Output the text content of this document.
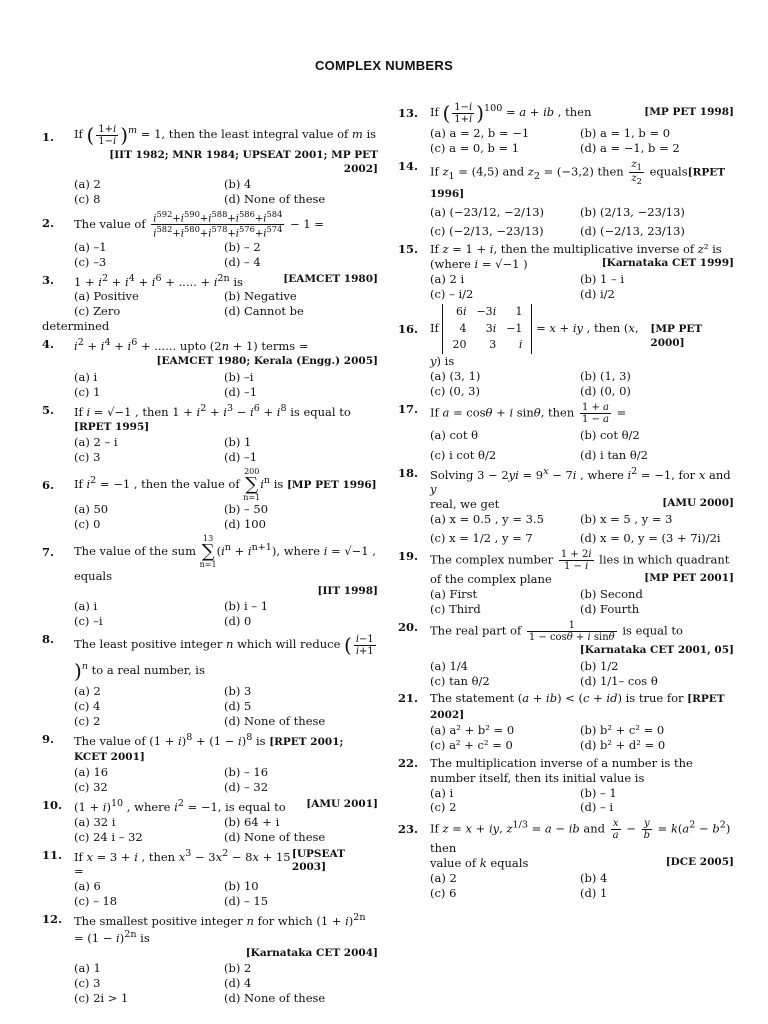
COMPLEX NUMBERS
1.	If ( $\frac{1+i}{1-i} )^m = 1$, then the least integral value of m is
[IIT 1982; MNR 1984; UPSEAT 2001; MP PET 2002]
(a) 2	(b) 4
(c) 8	(d) None of these
2.	The value of $\frac{i^{592}+i^{590}+i^{588}+i^{586}+i^{584}}{i^{582}+i^{580}+i^{578}+i^{576}+i^{574}} - 1$ =
(a) –1	(b) – 2
(c) –3	(d) – 4
3.	$1 + i^2 + i^4 + i^6$ + ..... + $i^{2n}$ is	[EAMCET 1980]
(a) Positive	(b) Negative
(c) Zero	(d) Cannot be
determined
4.	$i^2 + i^4 + i^6$ + ...... upto (2n + 1) terms =
[EAMCET 1980; Kerala (Engg.) 2005]
(a) i	(b) –i
(c) 1	(d) –1
5.	If i = √−1 , then $1 + i^2 + i^3 - i^6 + i^8$ is equal to [RPET 1995]
(a) 2 – i	(b) 1
(c) 3	(d) –1
6.	If $i^2 = -1$ , then the value of
200
∑
n=1
$i^n$ is [MP PET 1996]
(a) 50	(b) – 50
(c) 0	(d) 100
7.	The value of the sum
13
∑
n=1
$(i^n + i^{n+1})$, where i = √−1 ,
equals
[IIT 1998]
(a) i	(b) i – 1
(c) –i	(d) 0
8.	The least positive integer n which will reduce ( $\frac{i-1}{i+1}$
)$^n$ to a real number, is
(a) 2	(b) 3
(c) 4	(d) 5
(c) 2	(d) None of these
9.	The value of $(1 + i)^8 + (1 - i)^8$ is [RPET 2001; KCET 2001]
(a) 16	(b) – 16
(c) 32	(d) – 32
10.	$(1 + i)^{10}$ , where $i^2 = -1$, is equal to [AMU 2001]
(a) 32 i	(b) 64 + i
(c) 24 i – 32	(d) None of these
11.	If x = 3 + i , then $x^3 - 3x^2 - 8x + 15$ =
[UPSEAT 2003]
(a) 6	(b) 10
(c) – 18	(d) – 15
12.	The smallest positive integer n for which $(1 + i)^{2n} = (1 - i)^{2n}$ is
[Karnataka CET 2004]
(a) 1	(b) 2
(c) 3	(d) 4
(c) 2i > 1	(d) None of these
13.	If ( $\frac{1-i}{1+i} )^{100} = a$ + ib , then	[MP PET 1998]
(a) a = 2, b = −1	(b) a = 1, b = 0
(c) a = 0, b = 1	(d) a = −1, b = 2
14.	If $z_1 = (4,5)$ and $z_2 = (-3,2)$ then $\frac{z_1}{z_2}$ equals[RPET 1996]
(a) (−23/12, −2/13)	(b) (2/13, −23/13)
(c) (−2/13, −23/13)	(d) (−2/13, 23/13)
15.	If z = 1 + i, then the multiplicative inverse of z² is

(where i = √−1 )	[Karnataka CET 1999]
(a) 2 i	(b) 1 – i
(c) – i/2	(d) i/2
16.	If
6i	−3i	1
4	3i	−1
20	3	i
= x + iy , then (x, y) is
[MP PET 2000]
(a) (3, 1)	(b) (1, 3)
(c) (0, 3)	(d) (0, 0)
17.	If a = cosθ + i sinθ, then $\frac{1 + a}{1 - a}$ =
(a) cot θ	(b) cot θ/2
(c) i cot θ/2	(d) i tan θ/2
18.	Solving $3 - 2yi = 9^x - 7i$ , where $i^2 = -1$, for x and y

real, we get	[AMU 2000]
(a) x = 0.5 , y = 3.5	(b) x = 5 , y = 3
(c) x = 1/2 , y = 7	(d) x = 0, y = (3 + 7i)/2i
19.	The complex number $\frac{1 + 2i}{1 - i}$ lies in which quadrant

of the complex plane	[MP PET 2001]
(a) First	(b) Second
(c) Third	(d) Fourth
20.	The real part of $\frac{1}{\text{1 − cosθ + i sinθ}}$ is equal to
[Karnataka CET 2001, 05]
(a) 1/4	(b) 1/2
(c) tan θ/2	(d) 1/1– cos θ
21.	The statement (a + ib) < (c + id) is true for [RPET 2002]
(a) a² + b² = 0	(b) b² + c² = 0
(c) a² + c² = 0	(d) b² + d² = 0
22.	The multiplication inverse of a number is the number itself, then its initial value is
(a) i	(b) – 1
(c) 2	(d) – i
23.	If z = x + iy, $z^{1/3} = a$ − ib and $\frac{x}{a} - \frac{y}{b} = k(a^2 - b^2)$ then

value of k equals	[DCE 2005]
(a) 2	(b) 4
(c) 6	(d) 1
